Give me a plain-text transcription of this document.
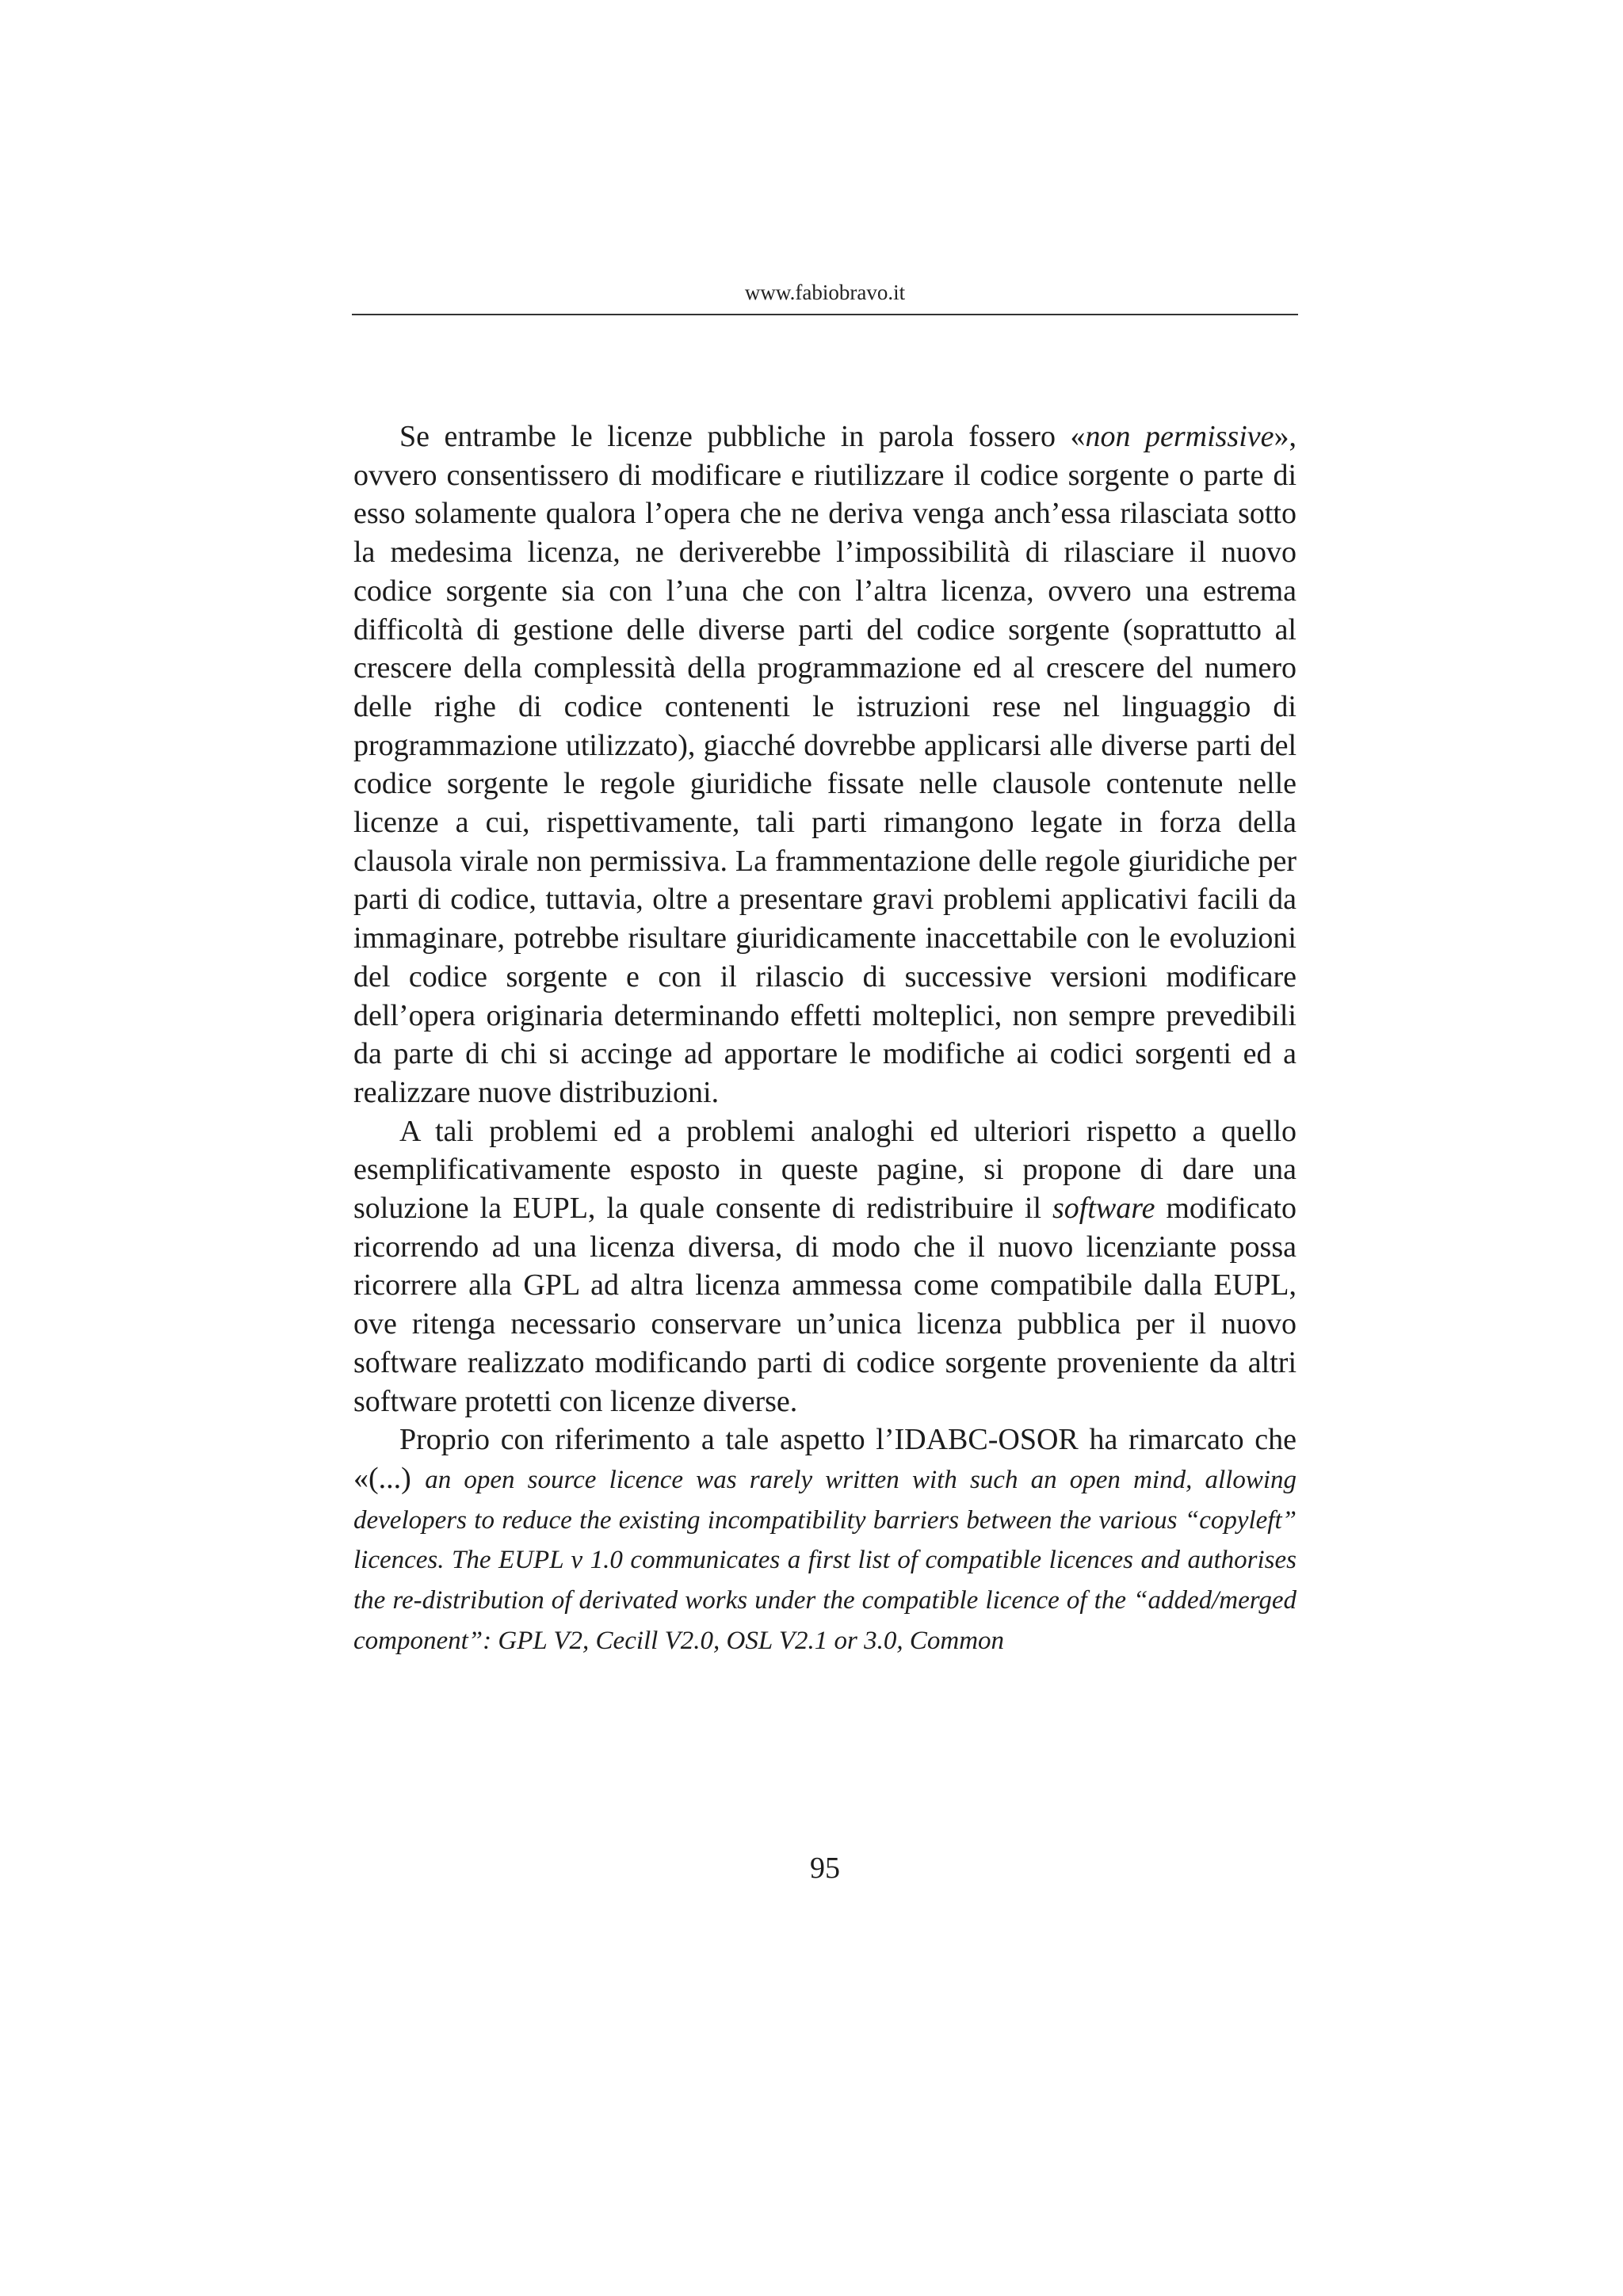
www.fabiobravo.it

Se entrambe le licenze pubbliche in parola fossero «non permissive», ovvero consentissero di modificare e riutilizzare il codice sorgente o parte di esso solamente qualora l’opera che ne deriva venga anch’essa rilasciata sotto la medesima licenza, ne deriverebbe l’impossibilità di rilasciare il nuovo codice sorgente sia con l’una che con l’altra licenza, ovvero una estrema difficoltà di gestione delle diverse parti del codice sorgente (soprattutto al crescere della complessità della programmazione ed al crescere del numero delle righe di codice contenenti le istruzioni rese nel linguaggio di programmazione utilizzato), giacché dovrebbe applicarsi alle diverse parti del codice sorgente le regole giuridiche fissate nelle clausole contenute nelle licenze a cui, rispettivamente, tali parti rimangono legate in forza della clausola virale non permissiva. La frammentazione delle regole giuridiche per parti di codice, tuttavia, oltre a presentare gravi problemi applicativi facili da immaginare, potrebbe risultare giuridicamente inaccettabile con le evoluzioni del codice sorgente e con il rilascio di successive versioni modificare dell’opera originaria determinando effetti molteplici, non sempre prevedibili da parte di chi si accinge ad apportare le modifiche ai codici sorgenti ed a realizzare nuove distribuzioni.

A tali problemi ed a problemi analoghi ed ulteriori rispetto a quello esemplificativamente esposto in queste pagine, si propone di dare una soluzione la EUPL, la quale consente di redistribuire il software modificato ricorrendo ad una licenza diversa, di modo che il nuovo licenziante possa ricorrere alla GPL ad altra licenza ammessa come compatibile dalla EUPL, ove ritenga necessario conservare un’unica licenza pubblica per il nuovo software realizzato modificando parti di codice sorgente proveniente da altri software protetti con licenze diverse.

Proprio con riferimento a tale aspetto l’IDABC-OSOR ha rimarcato che «(...) an open source licence was rarely written with such an open mind, allowing developers to reduce the existing incompatibility barriers between the various “copyleft” licences. The EUPL v 1.0 communicates a first list of compatible licences and authorises the re-distribution of derivated works under the compatible licence of the “added/merged component”: GPL V2, Cecill V2.0, OSL V2.1 or 3.0, Common

95
